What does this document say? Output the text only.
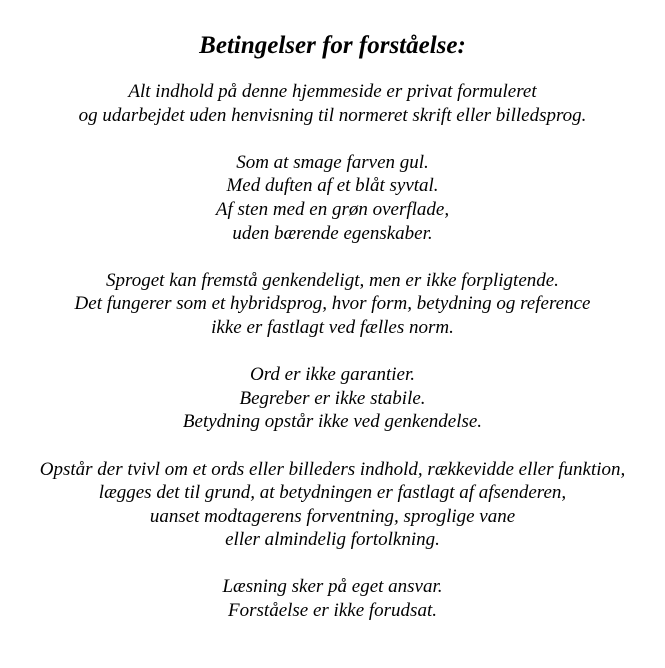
Betingelser for forståelse:

Alt indhold på denne hjemmeside er privat formuleret
og udarbejdet uden henvisning til normeret skrift eller billedsprog.

Som at smage farven gul.
Med duften af et blåt syvtal.
Af sten med en grøn overflade,
uden bærende egenskaber.

Sproget kan fremstå genkendeligt, men er ikke forpligtende.
Det fungerer som et hybridsprog, hvor form, betydning og reference
ikke er fastlagt ved fælles norm.

Ord er ikke garantier.
Begreber er ikke stabile.
Betydning opstår ikke ved genkendelse.

Opstår der tvivl om et ords eller billeders indhold, rækkevidde eller funktion,
lægges det til grund, at betydningen er fastlagt af afsenderen,
uanset modtagerens forventning, sproglige vane
eller almindelig fortolkning.

Læsning sker på eget ansvar.
Forståelse er ikke forudsat.
